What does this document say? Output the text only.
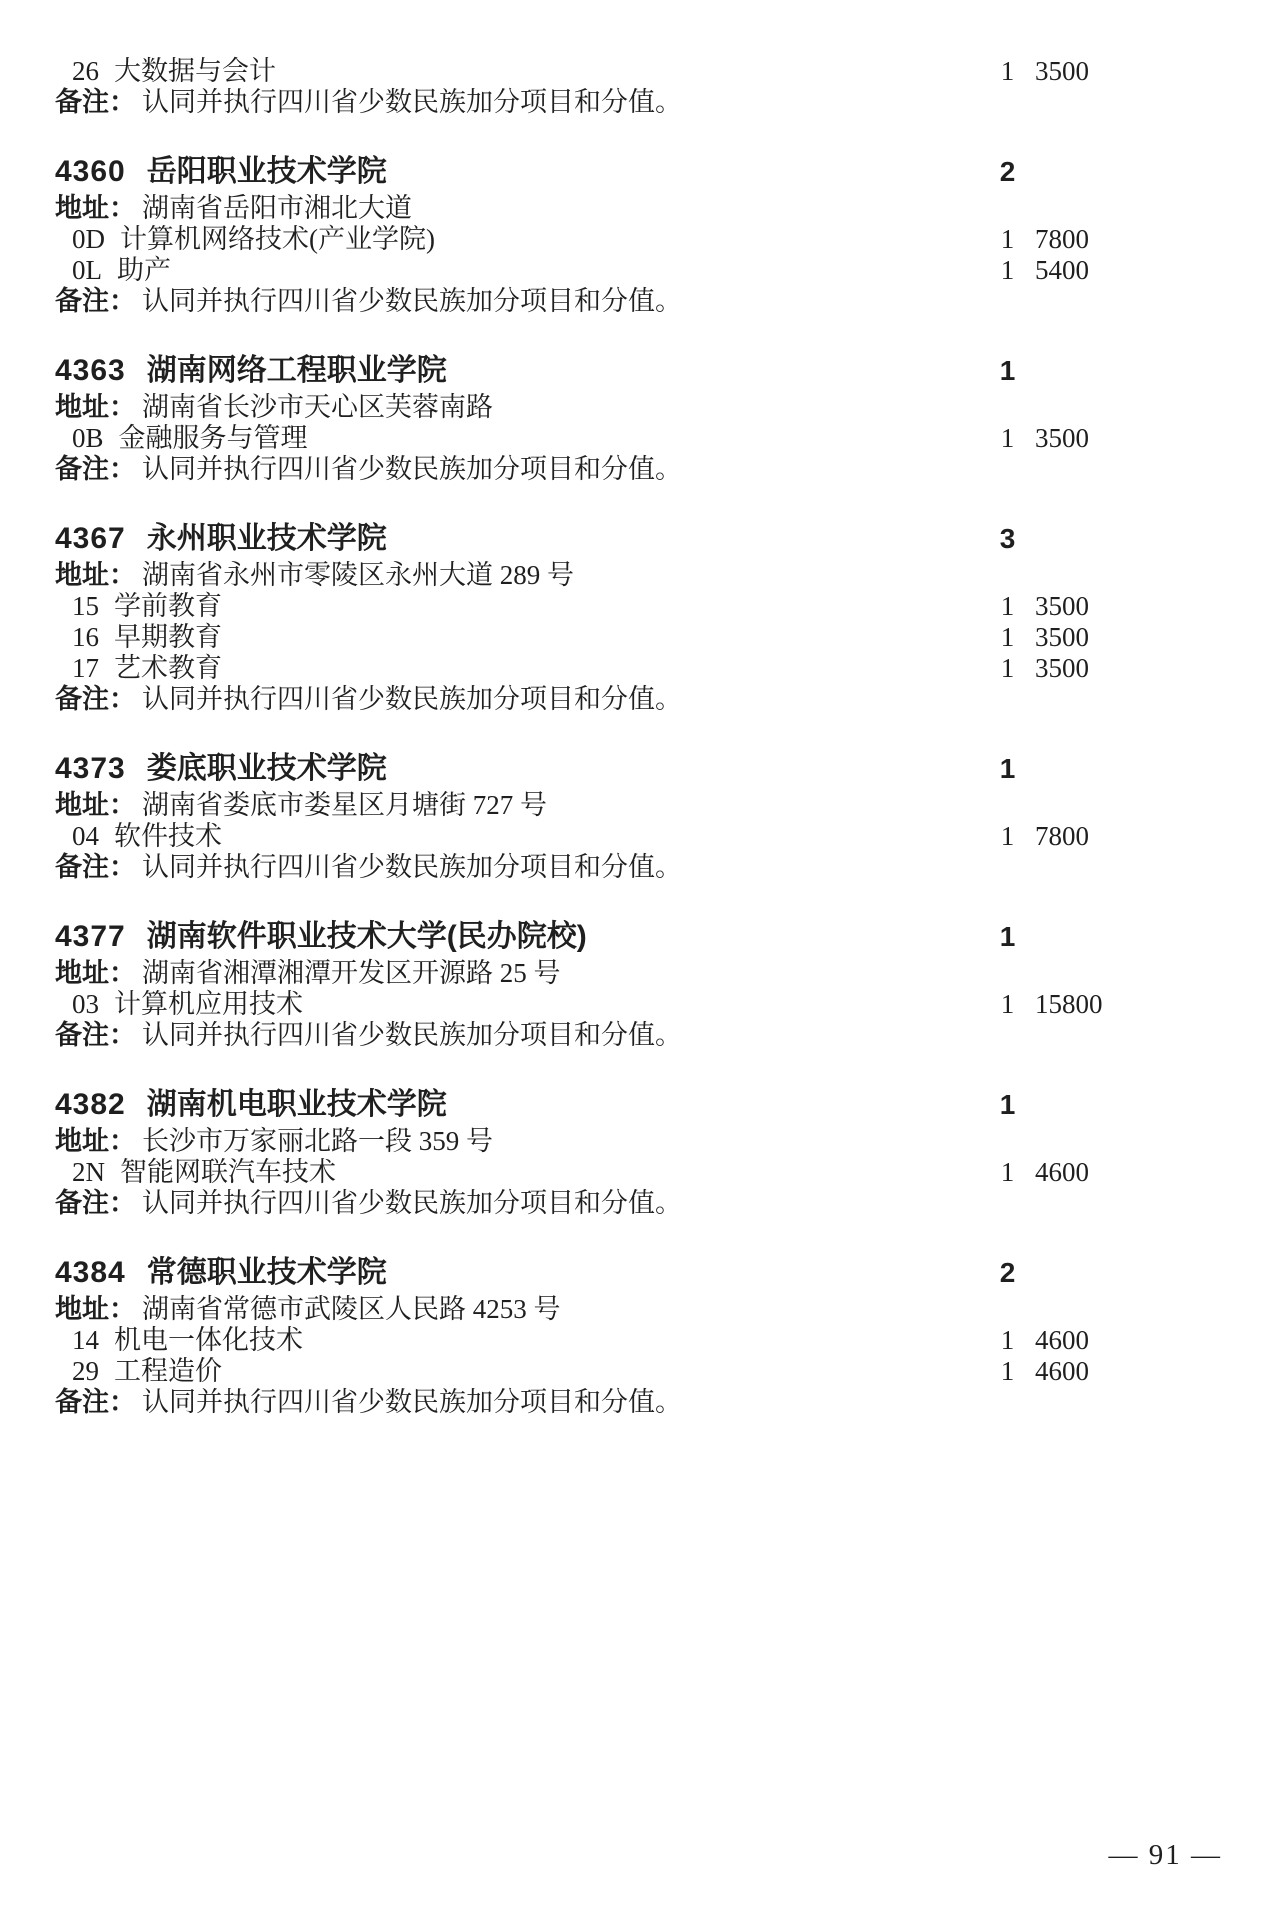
26 大数据与会计	1 3500
备注： 认同并执行四川省少数民族加分项目和分值。
4360 岳阳职业技术学院	2
地址： 湖南省岳阳市湘北大道
0D 计算机网络技术(产业学院)	1 7800
0L 助产	1 5400
备注： 认同并执行四川省少数民族加分项目和分值。
4363 湖南网络工程职业学院	1
地址： 湖南省长沙市天心区芙蓉南路
0B 金融服务与管理	1 3500
备注： 认同并执行四川省少数民族加分项目和分值。
4367 永州职业技术学院	3
地址： 湖南省永州市零陵区永州大道 289 号
15 学前教育	1 3500
16 早期教育	1 3500
17 艺术教育	1 3500
备注： 认同并执行四川省少数民族加分项目和分值。
4373 娄底职业技术学院	1
地址： 湖南省娄底市娄星区月塘街 727 号
04 软件技术	1 7800
备注： 认同并执行四川省少数民族加分项目和分值。
4377 湖南软件职业技术大学(民办院校)	1
地址： 湖南省湘潭湘潭开发区开源路 25 号
03 计算机应用技术	1 15800
备注： 认同并执行四川省少数民族加分项目和分值。
4382 湖南机电职业技术学院	1
地址： 长沙市万家丽北路一段 359 号
2N 智能网联汽车技术	1 4600
备注： 认同并执行四川省少数民族加分项目和分值。
4384 常德职业技术学院	2
地址： 湖南省常德市武陵区人民路 4253 号
14 机电一体化技术	1 4600
29 工程造价	1 4600
备注： 认同并执行四川省少数民族加分项目和分值。
— 91 —
